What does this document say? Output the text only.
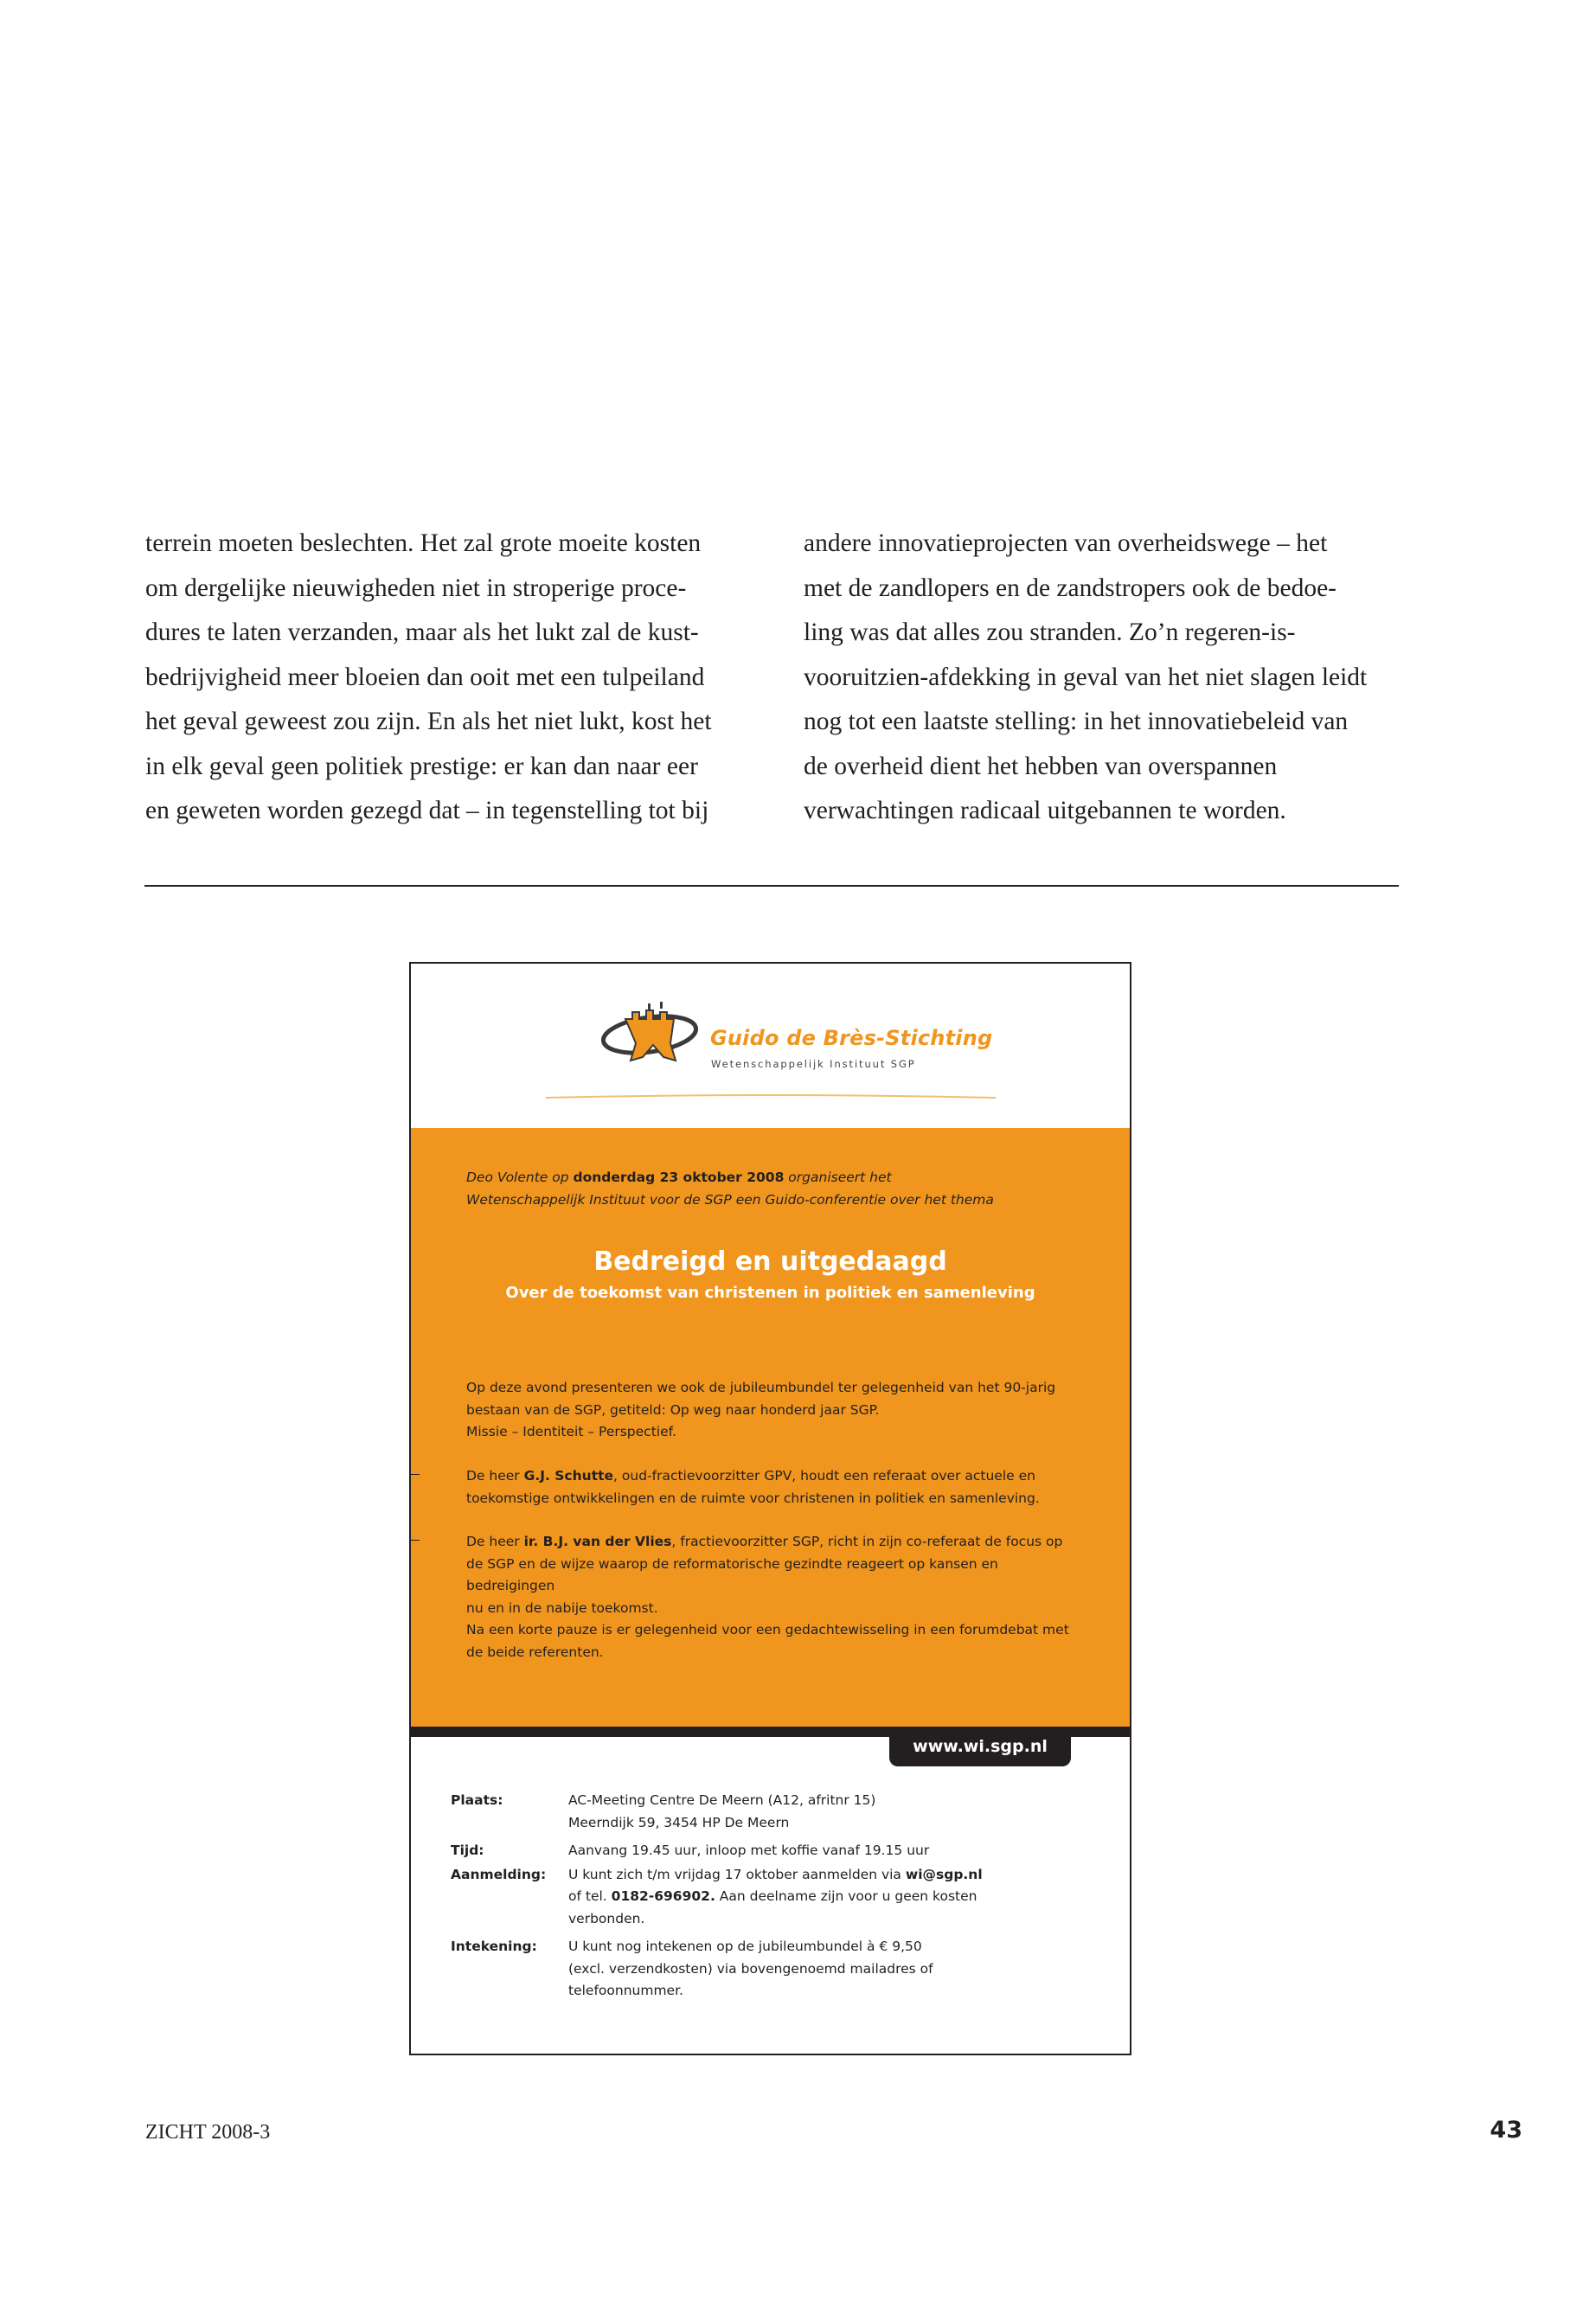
terrein moeten beslechten. Het zal grote moeite kosten
om dergelijke nieuwigheden niet in stroperige proce-
dures te laten verzanden, maar als het lukt zal de kust-
bedrijvigheid meer bloeien dan ooit met een tulpeiland
het geval geweest zou zijn. En als het niet lukt, kost het
in elk geval geen politiek prestige: er kan dan naar eer
en geweten worden gezegd dat – in tegenstelling tot bij
andere innovatieprojecten van overheidswege – het
met de zandlopers en de zandstropers ook de bedoe-
ling was dat alles zou stranden. Zo’n regeren-is-
vooruitzien-afdekking in geval van het niet slagen leidt
nog tot een laatste stelling: in het innovatiebeleid van
de overheid dient het hebben van overspannen
verwachtingen radicaal uitgebannen te worden.
Guido de Brès-Stichting
Wetenschappelijk Instituut SGP
Deo Volente op donderdag 23 oktober 2008 organiseert het
Wetenschappelijk Instituut voor de SGP een Guido-conferentie over het thema
Bedreigd en uitgedaagd
Over de toekomst van christenen in politiek en samenleving
Op deze avond presenteren we ook de jubileumbundel ter gelegenheid van het 90-jarig
bestaan van de SGP, getiteld: Op weg naar honderd jaar SGP.
Missie – Identiteit – Perspectief.
De heer G.J. Schutte, oud-fractievoorzitter GPV, houdt een referaat over actuele en
toekomstige ontwikkelingen en de ruimte voor christenen in politiek en samenleving.
De heer ir. B.J. van der Vlies, fractievoorzitter SGP, richt in zijn co-referaat de focus op
de SGP en de wijze waarop de reformatorische gezindte reageert op kansen en bedreigingen
nu en in de nabije toekomst.
Na een korte pauze is er gelegenheid voor een gedachtewisseling in een forumdebat met
de beide referenten.
www.wi.sgp.nl
Plaats:	AC-Meeting Centre De Meern (A12, afritnr 15)
Meerndijk 59, 3454 HP De Meern
Tijd:	Aanvang 19.45 uur, inloop met koffie vanaf 19.15 uur
Aanmelding: U kunt zich t/m vrijdag 17 oktober aanmelden via wi@sgp.nl
of tel. 0182-696902. Aan deelname zijn voor u geen kosten
verbonden.
Intekening: U kunt nog intekenen op de jubileumbundel à € 9,50
(excl. verzendkosten) via bovengenoemd mailadres of
telefoonnummer.
ZICHT 2008-3	43
